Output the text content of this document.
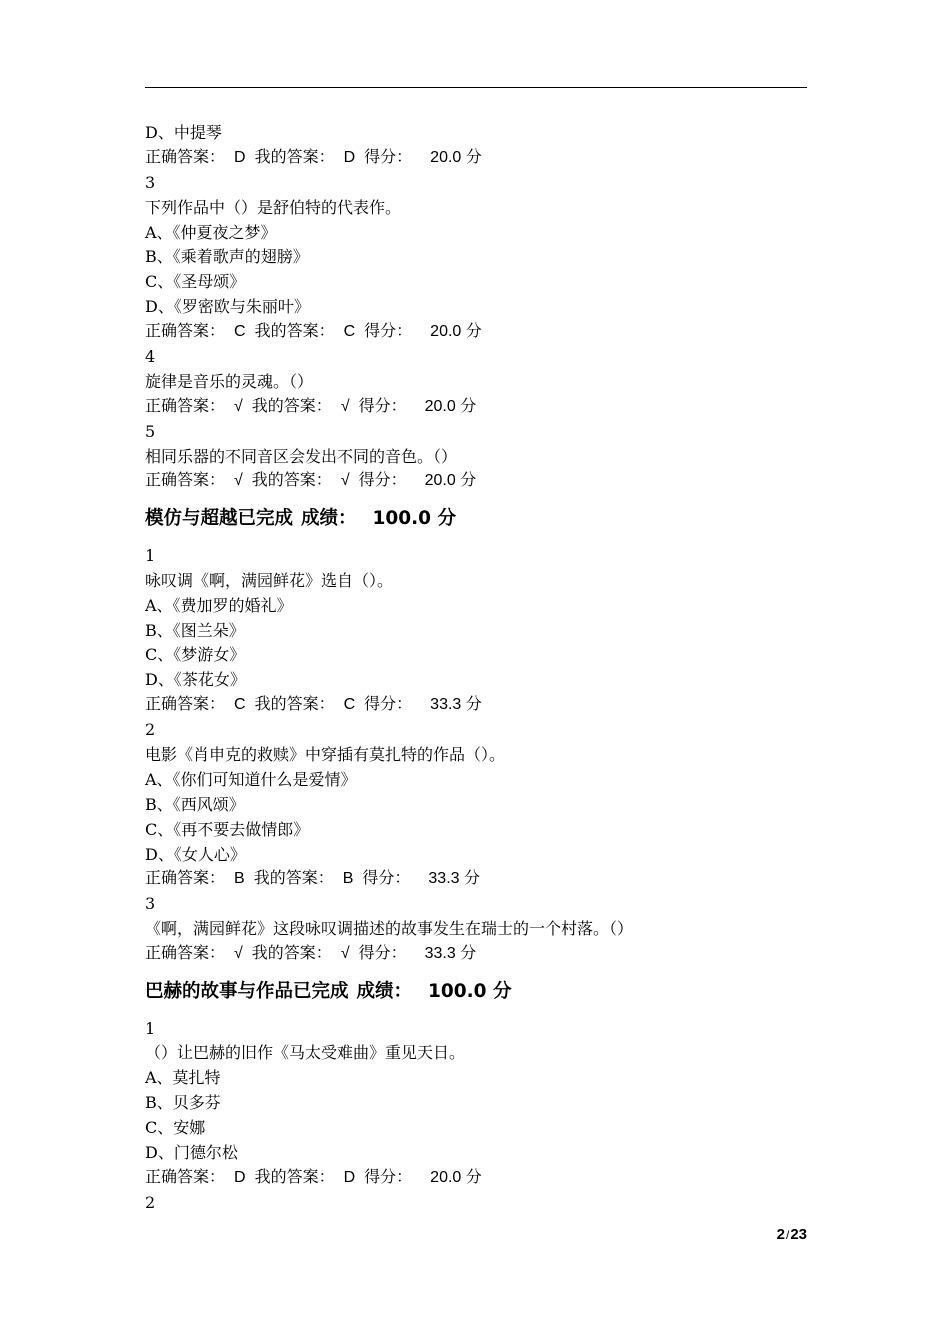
D、中提琴
正确答案： D 我的答案： D 得分： 20.0 分
3
下列作品中（）是舒伯特的代表作。
A、《仲夏夜之梦》
B、《乘着歌声的翅膀》
C、《圣母颂》
D、《罗密欧与朱丽叶》
正确答案： C 我的答案： C 得分： 20.0 分
4
旋律是音乐的灵魂。（）
正确答案： √ 我的答案： √ 得分： 20.0 分
5
相同乐器的不同音区会发出不同的音色。（）
正确答案： √ 我的答案： √ 得分： 20.0 分
模仿与超越已完成 成绩： 100.0 分
1
咏叹调《啊，满园鲜花》选自（）。
A、《费加罗的婚礼》
B、《图兰朵》
C、《梦游女》
D、《茶花女》
正确答案： C 我的答案： C 得分： 33.3 分
2
电影《肖申克的救赎》中穿插有莫扎特的作品（）。
A、《你们可知道什么是爱情》
B、《西风颂》
C、《再不要去做情郎》
D、《女人心》
正确答案： B 我的答案： B 得分： 33.3 分
3
《啊，满园鲜花》这段咏叹调描述的故事发生在瑞士的一个村落。（）
正确答案： √ 我的答案： √ 得分： 33.3 分
巴赫的故事与作品已完成 成绩： 100.0 分
1
（）让巴赫的旧作《马太受难曲》重见天日。
A、莫扎特
B、贝多芬
C、安娜
D、门德尔松
正确答案： D 我的答案： D 得分： 20.0 分
2
2/23
